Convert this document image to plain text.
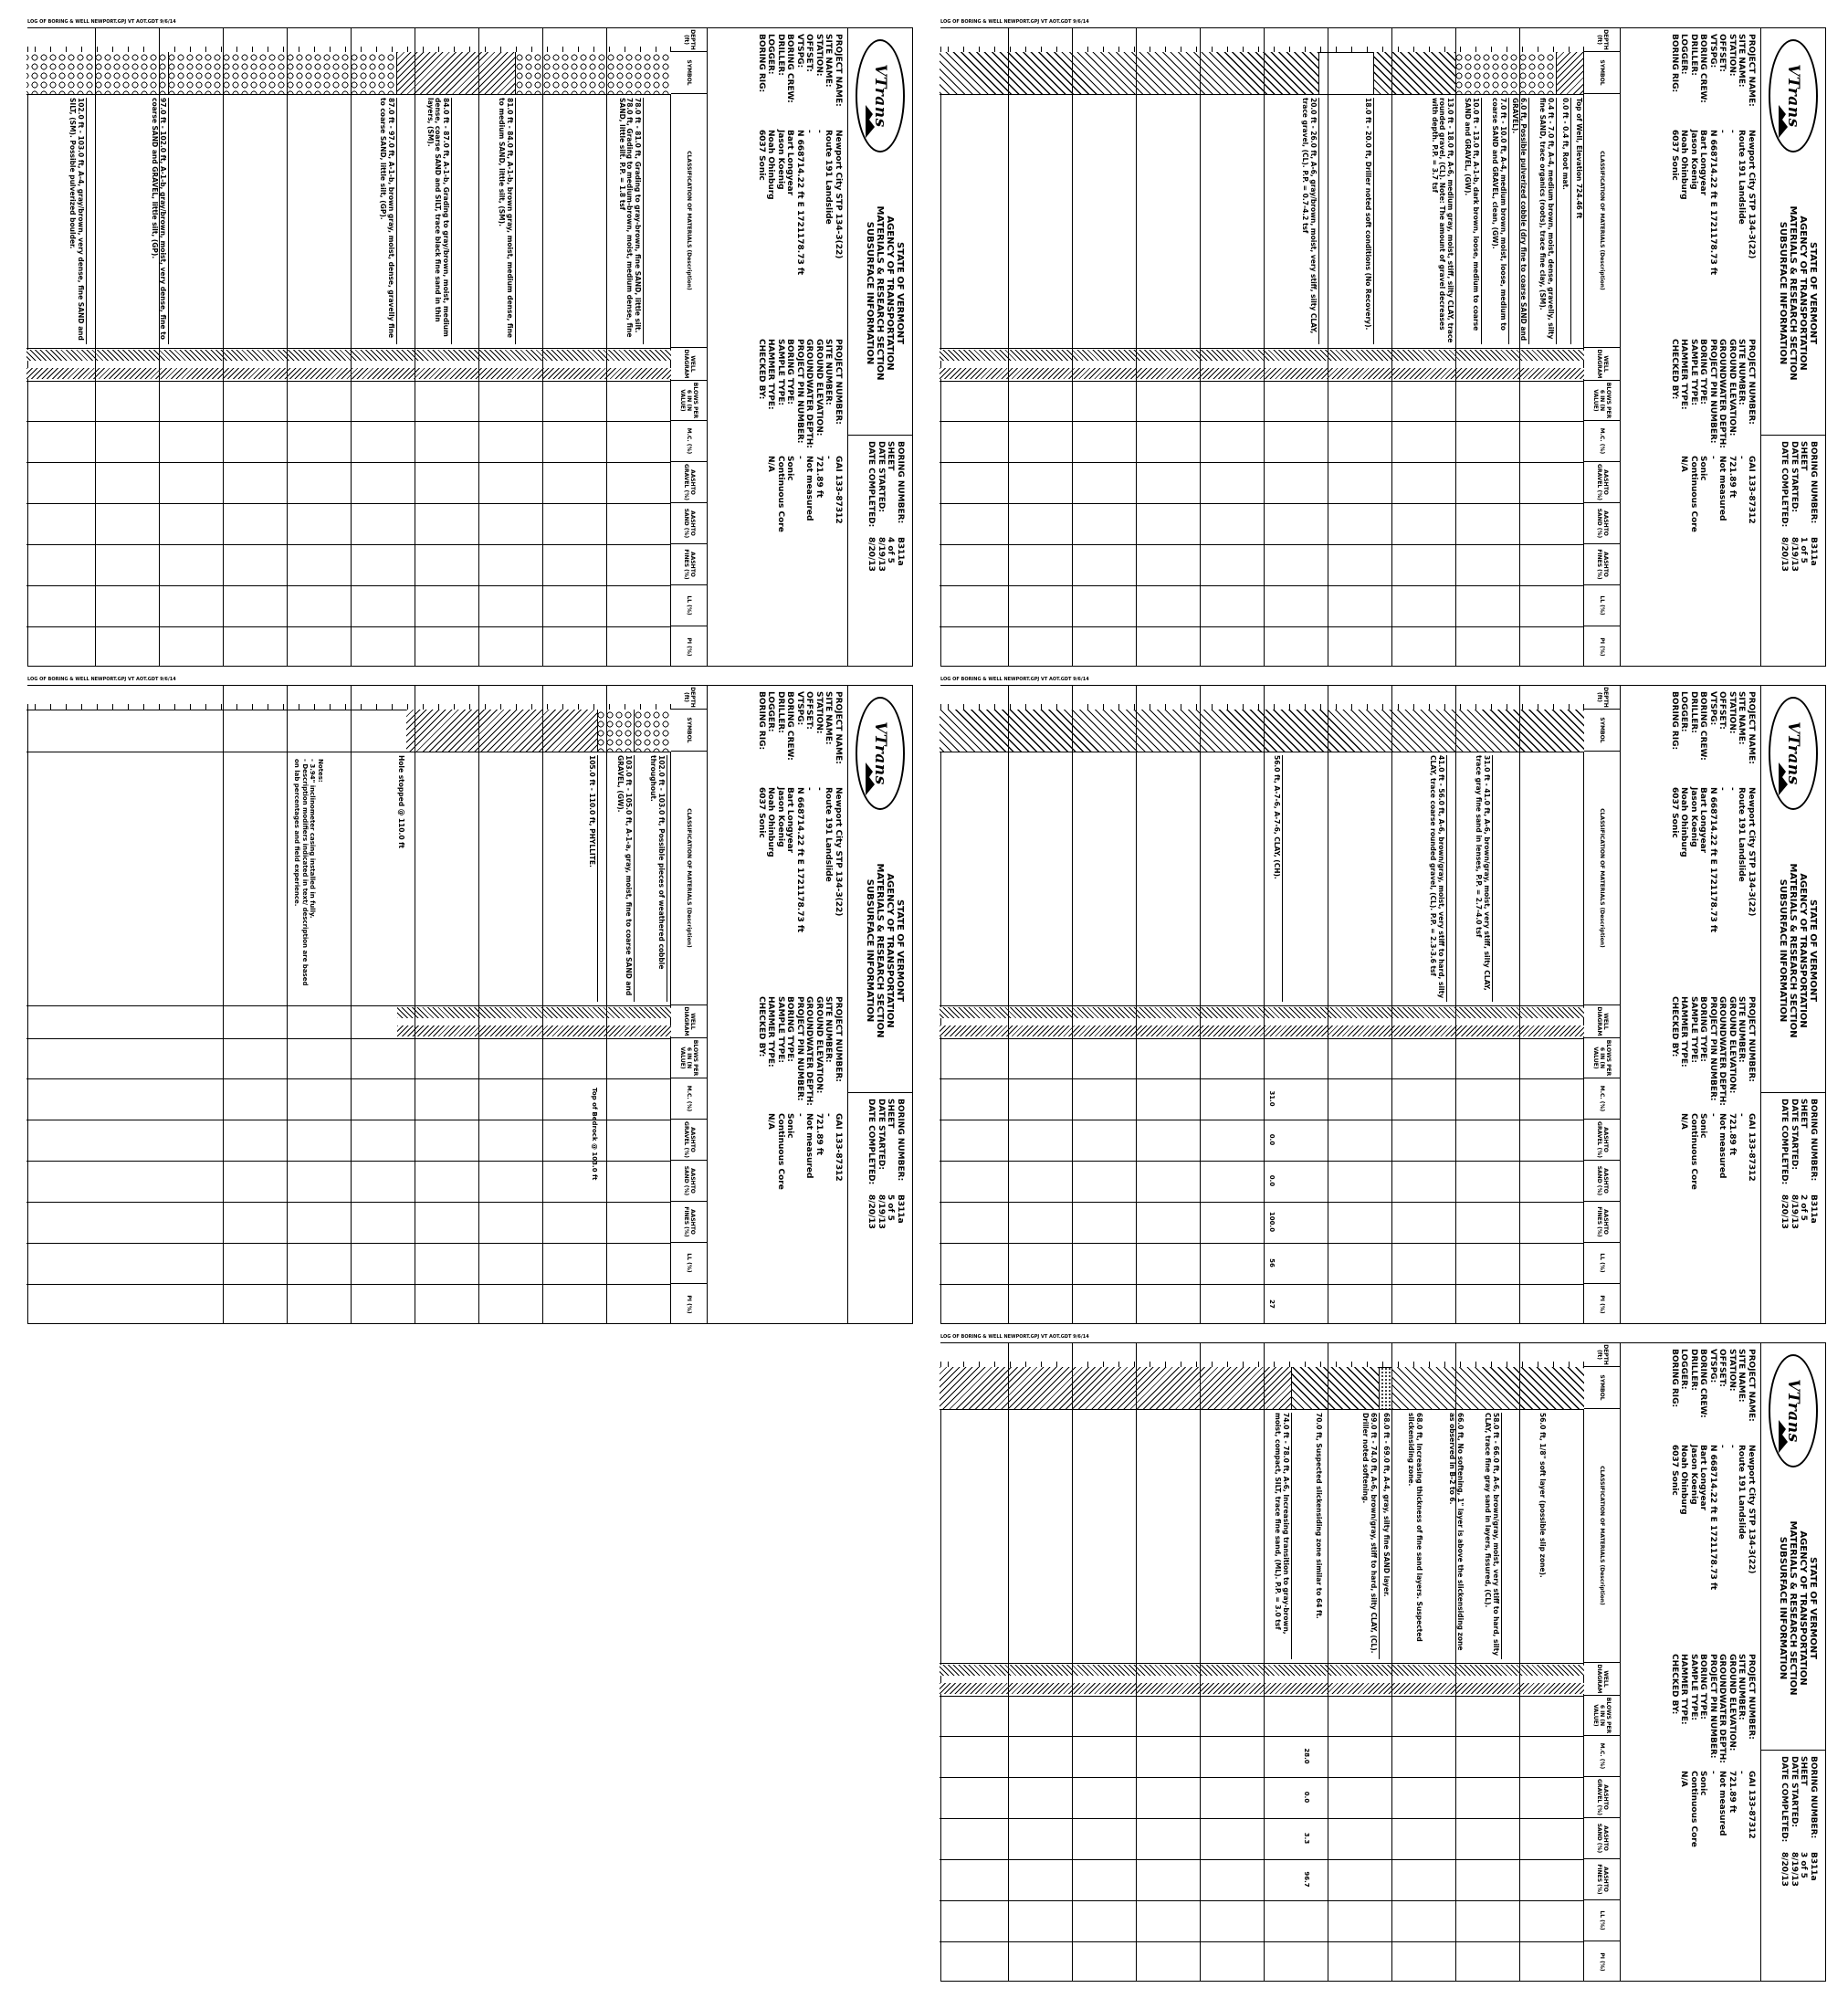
LOG OF BORING & WELL NEWPORT.GPJ VT AOT.GDT 9/6/14
VTrans
STATE OF VERMONT
AGENCY OF TRANSPORTATION
MATERIALS & RESEARCH SECTION
SUBSURFACE INFORMATION
BORING NUMBER:B311a
SHEET1 of 5
DATE STARTED:8/19/13
DATE COMPLETED:8/20/13
PROJECT NAME:Newport City STP 134-3(22)
SITE NAME:Route 191 Landslide
STATION:-
OFFSET:-
VTSPG:N 668714.22 ft E 1721178.73 ft
BORING CREW:Bart Longyear
DRILLER:Jason Koenig
LOGGER:Noah Ohinburg
BORING RIG:6037 Sonic
PROJECT NUMBER:GAI 133-87312
SITE NUMBER:-
GROUND ELEVATION:721.89 ft
GROUNDWATER DEPTH:Not measured
PROJECT PIN NUMBER:-
BORING TYPE:Sonic
SAMPLE TYPE:Continuous Core
HAMMER TYPE:N/A
CHECKED BY:
DEPTH (ft)
SYMBOL
CLASSIFICATION OF MATERIALS (Description)
WELL DIAGRAM
BLOWS PER 6 IN (N VALUE)
M.C. (%)
AASHTO GRAVEL (%)
AASHTO SAND (%)
AASHTO FINES (%)
LL (%)
PI (%)
Top of Well, Elevation 724.46 ft
0.0 ft - 0.4 ft, Root mat.
0.4 ft - 7.0 ft, A-4, medium brown, moist, dense, gravelly, silty fine SAND, trace organics (roots), trace fine clay, (SM).
6.0 ft, Possible pulverized cobble (dry fine to coarse SAND and GRAVEL).
7.0 ft - 10.0 ft, A-4, medium brown, moist, loose, medium to coarse SAND and GRAVEL, clean, (GW).
10.0 ft - 13.0 ft, A-1-b, dark brown, loose, medium to coarse SAND and GRAVEL, (GW).
13.0 ft - 18.0 ft, A-6, medium gray, moist, stiff, silty CLAY, trace rounded gravel, (CL). Note: The amount of gravel decreases with depth. P.P. = 3.7 tsf
18.0 ft - 20.0 ft, Driller noted soft conditions (No Recovery).
20.0 ft - 26.0 ft, A-6, gray/brown, moist, very stiff, silty CLAY, trace gravel, (CL). P.P. = 0.7-4.2 tsf
LOG OF BORING & WELL NEWPORT.GPJ VT AOT.GDT 9/6/14
VTrans
STATE OF VERMONT
AGENCY OF TRANSPORTATION
MATERIALS & RESEARCH SECTION
SUBSURFACE INFORMATION
BORING NUMBER:B311a
SHEET2 of 5
DATE STARTED:8/19/13
DATE COMPLETED:8/20/13
PROJECT NAME:Newport City STP 134-3(22)
SITE NAME:Route 191 Landslide
STATION:-
OFFSET:-
VTSPG:N 668714.22 ft E 1721178.73 ft
BORING CREW:Bart Longyear
DRILLER:Jason Koenig
LOGGER:Noah Ohinburg
BORING RIG:6037 Sonic
PROJECT NUMBER:GAI 133-87312
SITE NUMBER:-
GROUND ELEVATION:721.89 ft
GROUNDWATER DEPTH:Not measured
PROJECT PIN NUMBER:-
BORING TYPE:Sonic
SAMPLE TYPE:Continuous Core
HAMMER TYPE:N/A
CHECKED BY:
DEPTH (ft)
SYMBOL
CLASSIFICATION OF MATERIALS (Description)
WELL DIAGRAM
BLOWS PER 6 IN (N VALUE)
M.C. (%)
AASHTO GRAVEL (%)
AASHTO SAND (%)
AASHTO FINES (%)
LL (%)
PI (%)
31.0 ft - 41.0 ft, A-6, brown/gray, moist, very stiff, silty CLAY, trace gray fine sand in lenses, P.P. = 2.7-4.0 tsf
41.0 ft - 56.0 ft, A-6, brown/gray, moist, very stiff to hard, silty CLAY, trace coarse rounded gravel, (CL). P.P. = 2.3-3.6 tsf
56.0 ft, A-7-6, A-7-6, CLAY, (CH).
31.0
0.0
0.0
100.0
56
27
LOG OF BORING & WELL NEWPORT.GPJ VT AOT.GDT 9/6/14
VTrans
STATE OF VERMONT
AGENCY OF TRANSPORTATION
MATERIALS & RESEARCH SECTION
SUBSURFACE INFORMATION
BORING NUMBER:B311a
SHEET3 of 5
DATE STARTED:8/19/13
DATE COMPLETED:8/20/13
PROJECT NAME:Newport City STP 134-3(22)
SITE NAME:Route 191 Landslide
STATION:-
OFFSET:-
VTSPG:N 668714.22 ft E 1721178.73 ft
BORING CREW:Bart Longyear
DRILLER:Jason Koenig
LOGGER:Noah Ohinburg
BORING RIG:6037 Sonic
PROJECT NUMBER:GAI 133-87312
SITE NUMBER:-
GROUND ELEVATION:721.89 ft
GROUNDWATER DEPTH:Not measured
PROJECT PIN NUMBER:-
BORING TYPE:Sonic
SAMPLE TYPE:Continuous Core
HAMMER TYPE:N/A
CHECKED BY:
DEPTH (ft)
SYMBOL
CLASSIFICATION OF MATERIALS (Description)
WELL DIAGRAM
BLOWS PER 6 IN (N VALUE)
M.C. (%)
AASHTO GRAVEL (%)
AASHTO SAND (%)
AASHTO FINES (%)
LL (%)
PI (%)
56.0 ft, 1/8" soft layer (possible slip zone).
58.0 ft - 66.0 ft, A-6, brown/gray, moist, very stiff to hard, silty CLAY, trace fine gray sand in layers, fissured, (CL).
66.0 ft, No softening, 1" layer is above the slickensiding zone as observed in B-2 to 6.
68.0 ft, Increasing thickness of fine sand layers. Suspected slickensiding zone.
68.0 ft - 69.0 ft, A-4, gray, silty fine SAND layer.
69.0 ft - 74.0 ft, A-6, brown/gray, stiff to hard, silty CLAY, (CL). Driller noted softening.
70.0 ft, Suspected slickensiding zone similar to 64 ft.
74.0 ft - 78.0 ft, A-6, Increasing transition to gray-brown, moist, compact, SILT, trace fine sand, (ML). P.P. = 3.0 tsf
28.0
0.0
3.3
96.7
LOG OF BORING & WELL NEWPORT.GPJ VT AOT.GDT 9/6/14
VTrans
STATE OF VERMONT
AGENCY OF TRANSPORTATION
MATERIALS & RESEARCH SECTION
SUBSURFACE INFORMATION
BORING NUMBER:B311a
SHEET4 of 5
DATE STARTED:8/19/13
DATE COMPLETED:8/20/13
PROJECT NAME:Newport City STP 134-3(22)
SITE NAME:Route 191 Landslide
STATION:-
OFFSET:-
VTSPG:N 668714.22 ft E 1721178.73 ft
BORING CREW:Bart Longyear
DRILLER:Jason Koenig
LOGGER:Noah Ohinburg
BORING RIG:6037 Sonic
PROJECT NUMBER:GAI 133-87312
SITE NUMBER:-
GROUND ELEVATION:721.89 ft
GROUNDWATER DEPTH:Not measured
PROJECT PIN NUMBER:-
BORING TYPE:Sonic
SAMPLE TYPE:Continuous Core
HAMMER TYPE:N/A
CHECKED BY:
DEPTH (ft)
SYMBOL
CLASSIFICATION OF MATERIALS (Description)
WELL DIAGRAM
BLOWS PER 6 IN (N VALUE)
M.C. (%)
AASHTO GRAVEL (%)
AASHTO SAND (%)
AASHTO FINES (%)
LL (%)
PI (%)
78.0 ft - 81.0 ft, Grading to gray-brown, fine SAND, little silt. 78.0 ft, Grading to medium-brown, moist, medium dense, fine SAND, little silt. P.P. = 1.8 tsf
81.0 ft - 84.0 ft, A-1-b, brown gray, moist, medium dense, fine to medium SAND, little silt, (SM).
84.0 ft - 87.0 ft, A-1-b, Grading to gray/brown, moist, medium dense, coarse SAND and SILT, trace black fine sand in thin layers, (SM).
87.0 ft - 97.0 ft, A-1-b, brown gray, moist, dense, gravelly fine to coarse SAND, little silt, (GP).
97.0 ft - 102.0 ft, A-1-b, gray/brown, moist, very dense, fine to coarse SAND and GRAVEL, little silt, (GP).
102.0 ft - 103.0 ft, A-4, gray/brown, very dense, fine SAND and SILT, (SM). Possible pulverized boulder.
LOG OF BORING & WELL NEWPORT.GPJ VT AOT.GDT 9/6/14
VTrans
STATE OF VERMONT
AGENCY OF TRANSPORTATION
MATERIALS & RESEARCH SECTION
SUBSURFACE INFORMATION
BORING NUMBER:B311a
SHEET5 of 5
DATE STARTED:8/19/13
DATE COMPLETED:8/20/13
PROJECT NAME:Newport City STP 134-3(22)
SITE NAME:Route 191 Landslide
STATION:-
OFFSET:-
VTSPG:N 668714.22 ft E 1721178.73 ft
BORING CREW:Bart Longyear
DRILLER:Jason Koenig
LOGGER:Noah Ohinburg
BORING RIG:6037 Sonic
PROJECT NUMBER:GAI 133-87312
SITE NUMBER:-
GROUND ELEVATION:721.89 ft
GROUNDWATER DEPTH:Not measured
PROJECT PIN NUMBER:-
BORING TYPE:Sonic
SAMPLE TYPE:Continuous Core
HAMMER TYPE:N/A
CHECKED BY:
DEPTH (ft)
SYMBOL
CLASSIFICATION OF MATERIALS (Description)
WELL DIAGRAM
BLOWS PER 6 IN (N VALUE)
M.C. (%)
AASHTO GRAVEL (%)
AASHTO SAND (%)
AASHTO FINES (%)
LL (%)
PI (%)
102.0 ft - 103.0 ft, Possible pieces of weathered cobble throughout.
103.0 ft - 105.0 ft, A-1-a, gray, moist, fine to coarse SAND and GRAVEL, (GW).
105.0 ft - 110.0 ft, PHYLLITE.
Hole stopped @ 110.0 ft
Notes:
- 3.94" inclinometer casing installed in fully.
- Description modifiers indicated in text/ description are based on lab percentages and field experience.
Top of Bedrock @ 103.0 ft
